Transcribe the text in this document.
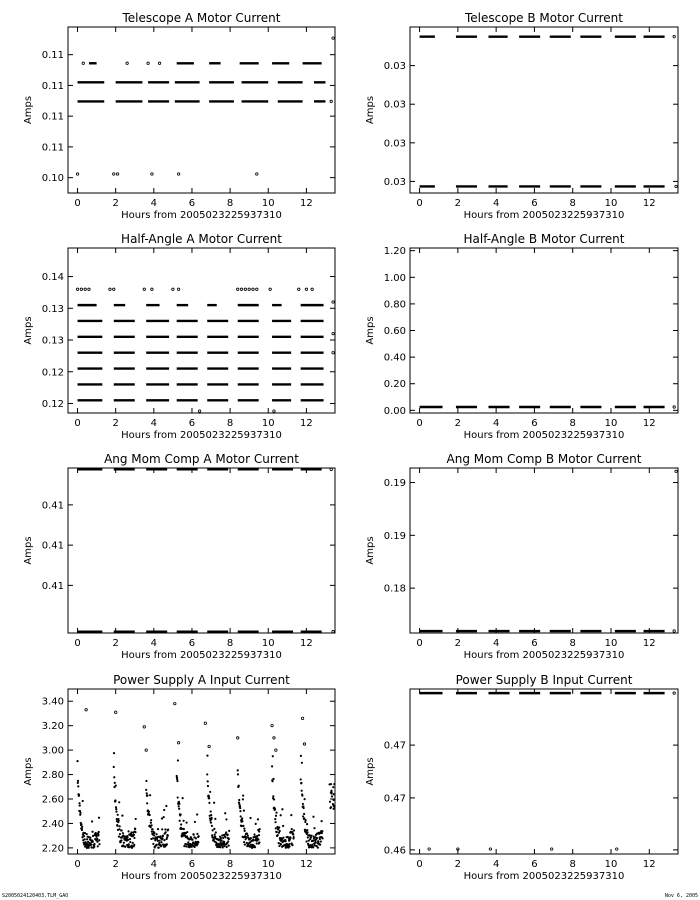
Telescope A Motor Current
Hours from 2005023225937310
Amps
0	2	4	6	8	10	12
0.10
0.11
0.11
0.11
0.11
Telescope B Motor Current
Hours from 2005023225937310
Amps
0	2	4	6	8	10	12
0.03
0.03
0.03
0.03
Half-Angle A Motor Current
Hours from 2005023225937310
Amps
0	2	4	6	8	10	12
0.12
0.12
0.13
0.13
0.14
Half-Angle B Motor Current
Hours from 2005023225937310
Amps
0	2	4	6	8	10	12
0.00
0.20
0.40
0.60
0.80
1.00
1.20
Ang Mom Comp A Motor Current
Hours from 2005023225937310
Amps
0	2	4	6	8	10	12
0.41
0.41
0.41
Ang Mom Comp B Motor Current
Hours from 2005023225937310
Amps
0	2	4	6	8	10	12
0.18
0.19
0.19
Power Supply A Input Current
Hours from 2005023225937310
Amps
0	2	4	6	8	10	12
2.20
2.40
2.60
2.80
3.00
3.20
3.40
Power Supply B Input Current
Hours from 2005023225937310
Amps
0	2	4	6	8	10	12
0.46
0.47
0.47
S2005024120403.TLM_GAO	Nov 6, 2005
